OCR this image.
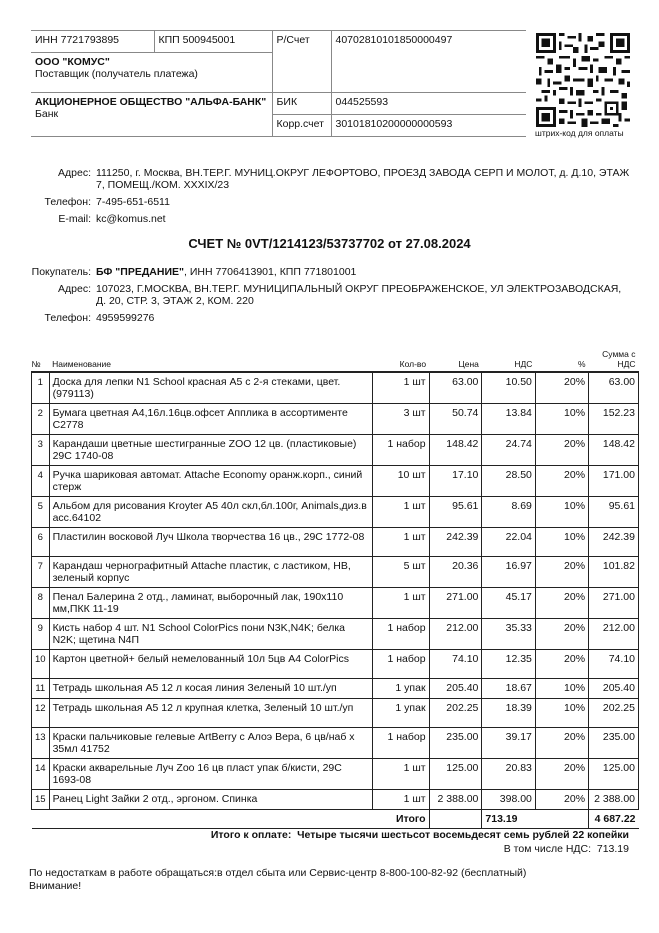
ИНН 7721793895	КПП 500945001	Р/Счет	40702810101850000497

ООО "КОМУС"
Поставщик (получатель платежа)			

АКЦИОНЕРНОЕ ОБЩЕСТВО "АЛЬФА-БАНК"
Банк		БИК	044525593
		Корр.счет	30101810200000000593
штрих-код для оплаты
Адрес: 111250, г. Москва, ВН.ТЕР.Г. МУНИЦ.ОКРУГ ЛЕФОРТОВО, ПРОЕЗД ЗАВОДА СЕРП И МОЛОТ, д. Д.10, ЭТАЖ 7, ПОМЕЩ./КОМ. XXXIX/23
Телефон: 7-495-651-6511
E-mail: kc@komus.net
СЧЕТ № 0VT/1214123/53737702 от 27.08.2024
Покупатель: БФ "ПРЕДАНИЕ", ИНН 7706413901, КПП 771801001
Адрес: 107023, Г.МОСКВА, ВН.ТЕР.Г. МУНИЦИПАЛЬНЫЙ ОКРУГ ПРЕОБРАЖЕНСКОЕ, УЛ ЭЛЕКТРОЗАВОДСКАЯ, Д. 20, СТР. 3, ЭТАЖ 2, КОМ. 220
Телефон: 4959599276
№	Наименование	Кол-во	Цена	НДС	%	Сумма с
НДС

1	Доска для лепки N1 School красная А5 с 2-я стеками, цвет. (979113)	1 шт	63.00	10.50	20%	63.00
2	Бумага цветная А4,16л.16цв.офсет Апплика в ассортименте С2778	3 шт	50.74	13.84	10%	152.23
3	Карандаши цветные шестигранные ZOO 12 цв. (пластиковые) 29С 1740-08	1 набор	148.42	24.74	20%	148.42
4	Ручка шариковая автомат. Attache Economy оранж.корп., синий стерж	10 шт	17.10	28.50	20%	171.00
5	Альбом для рисования Kroyter А5 40л скл,бл.100г, Animals,диз.в асс.64102	1 шт	95.61	8.69	10%	95.61
6	Пластилин восковой Луч Школа творчества 16 цв., 29С 1772-08	1 шт	242.39	22.04	10%	242.39
7	Карандаш чернографитный Attache пластик, с ластиком, HB, зеленый корпус	5 шт	20.36	16.97	20%	101.82
8	Пенал Балерина 2 отд., ламинат, выборочный лак, 190х110 мм,ПКК 11-19	1 шт	271.00	45.17	20%	271.00
9	Кисть набор 4 шт. N1 School ColorPics пони N3K,N4K; белка N2K; щетина N4П	1 набор	212.00	35.33	20%	212.00
10	Картон цветной+ белый немелованный 10л 5цв А4 ColorPics	1 набор	74.10	12.35	20%	74.10
11	Тетрадь школьная А5 12 л косая линия Зеленый 10 шт./уп	1 упак	205.40	18.67	10%	205.40
12	Тетрадь школьная А5 12 л крупная клетка, Зеленый 10 шт./уп	1 упак	202.25	18.39	10%	202.25
13	Краски пальчиковые гелевые ArtBerry с Алоэ Вера, 6 цв/наб х 35мл 41752	1 набор	235.00	39.17	20%	235.00
14	Краски акварельные Луч Zoo 16 цв пласт упак б/кисти, 29С 1693-08	1 шт	125.00	20.83	20%	125.00
15	Ранец Light Зайки 2 отд., эргоном. Спинка	1 шт	2 388.00	398.00	20%	2 388.00
Итого				713.19		4 687.22
Итого к оплате: Четыре тысячи шестьсот восемьдесят семь рублей 22 копейки
В том числе НДС: 713.19
По недостаткам в работе обращаться:в отдел сбыта или Сервис-центр 8-800-100-82-92 (бесплатный)
Внимание!
